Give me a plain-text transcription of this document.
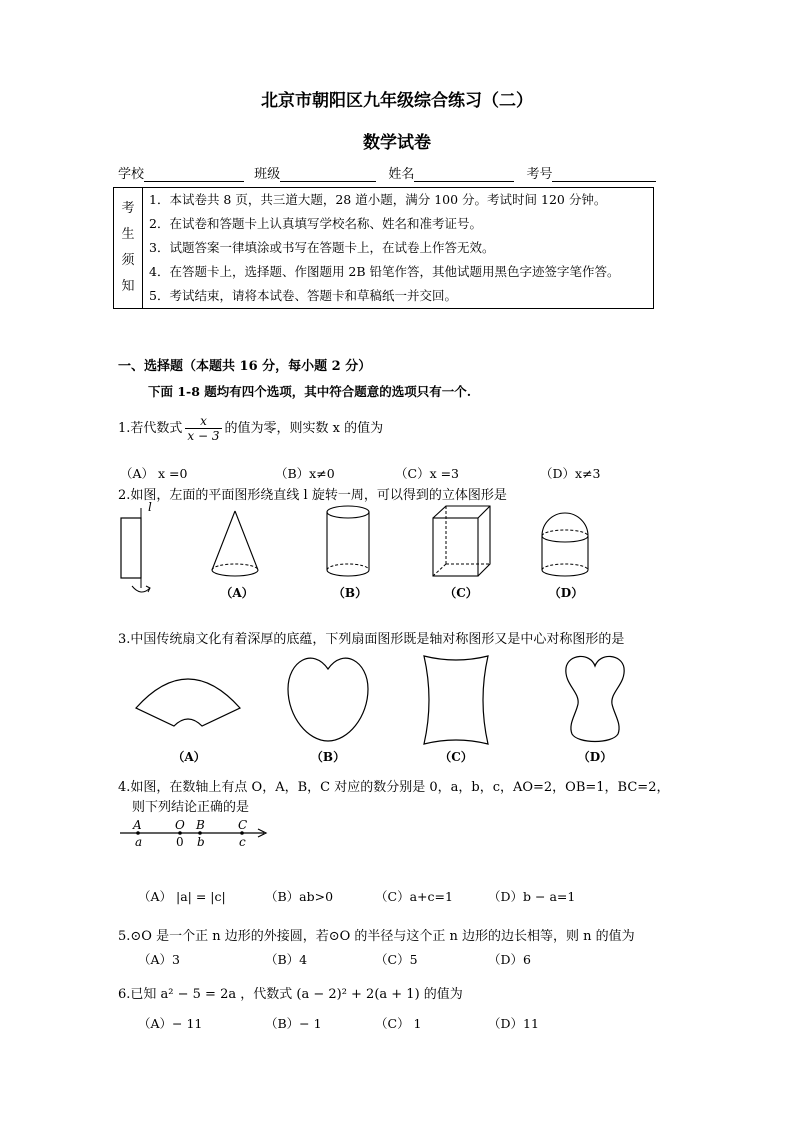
北京市朝阳区九年级综合练习（二）
数学试卷
学校	班级	姓名	考号
考
生
须
知

1．本试卷共 8 页，共三道大题，28 道小题，满分 100 分。考试时间 120 分钟。
2．在试卷和答题卡上认真填写学校名称、姓名和准考证号。
3．试题答案一律填涂或书写在答题卡上，在试卷上作答无效。
4．在答题卡上，选择题、作图题用 2B 铅笔作答，其他试题用黑色字迹签字笔作答。
5．考试结束，请将本试卷、答题卡和草稿纸一并交回。
一、选择题（本题共 16 分，每小题 2 分）
下面 1-8 题均有四个选项，其中符合题意的选项只有一个.
1.若代数式 $\frac{x}{x - 3}$ 的值为零，则实数 x 的值为
（A） x =0	（B）x≠0	（C）x =3	（D）x≠3
2.如图，左面的平面图形绕直线 l 旋转一周，可以得到的立体图形是
l
（A）	（B）	（C）	（D）
3.中国传统扇文化有着深厚的底蕴，下列扇面图形既是轴对称图形又是中心对称图形的是
（A）	（B）	（C）	（D）
4.如图，在数轴上有点 O，A，B，C 对应的数分别是 0，a，b，c，AO=2，OB=1，BC=2，
则下列结论正确的是
A	O B	C
a	0 b	c
（A） |a| = |c|	（B）ab>0	（C）a+c=1	（D）b − a=1
5.⊙O 是一个正 n 边形的外接圆，若⊙O 的半径与这个正 n 边形的边长相等，则 n 的值为
（A）3	（B）4	（C）5	（D）6
6.已知 a² − 5 = 2a ，代数式 (a − 2)² + 2(a + 1) 的值为
（A）− 11	（B）− 1	（C） 1	（D）11
